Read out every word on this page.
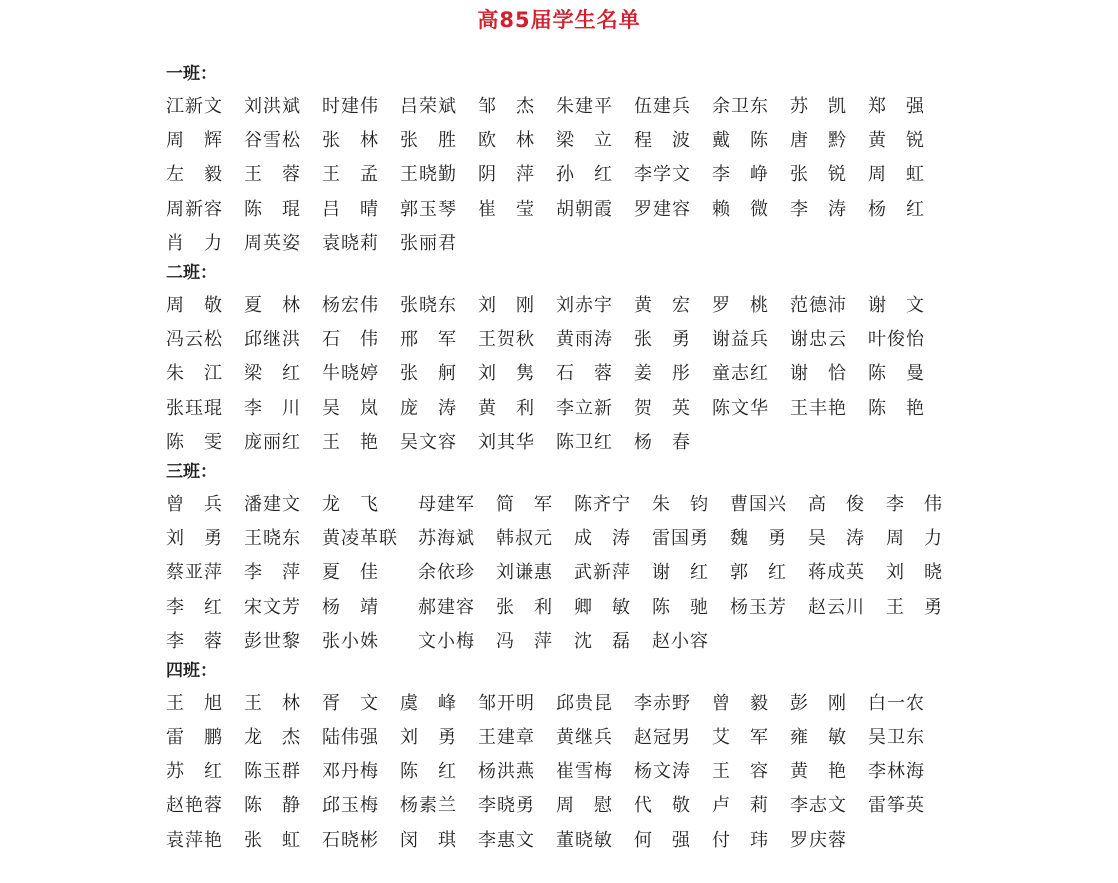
高85届学生名单
一班：
江新文	刘洪斌	时建伟	吕荣斌	邹　杰	朱建平	伍建兵	余卫东	苏　凯	郑　强
周　辉	谷雪松	张　林	张　胜	欧　林	梁　立	程　波	戴　陈	唐　黔	黄　锐
左　毅	王　蓉	王　孟	王晓勤	阴　萍	孙　红	李学文	李　峥	张　锐	周　虹
周新容	陈　琨	吕　晴	郭玉琴	崔　莹	胡朝霞	罗建容	赖　微	李　涛	杨　红
肖　力	周英姿	袁晓莉	张丽君
二班：
周　敬	夏　林	杨宏伟	张晓东	刘　刚	刘赤宇	黄　宏	罗　桃	范德沛	谢　文
冯云松	邱继洪	石　伟	邢　军	王贺秋	黄雨涛	张　勇	谢益兵	谢忠云	叶俊怡
朱　江	梁　红	牛晓婷	张　舸	刘　隽	石　蓉	姜　彤	童志红	谢　恰	陈　曼
张珏琨	李　川	吴　岚	庞　涛	黄　利	李立新	贺　英	陈文华	王丰艳	陈　艳
陈　雯	庞丽红	王　艳	吴文容	刘其华	陈卫红	杨　春
三班：
曾　兵	潘建文	龙　飞	母建军	简　军	陈齐宁	朱　钧	曹国兴	高　俊	李　伟
刘　勇	王晓东	黄凌革联	苏海斌	韩叔元	成　涛	雷国勇	魏　勇	吴　涛	周　力
蔡亚萍	李　萍	夏　佳	余依珍	刘谦惠	武新萍	谢　红	郭　红	蒋成英	刘　晓
李　红	宋文芳	杨　靖	郝建容	张　利	卿　敏	陈　驰	杨玉芳	赵云川	王　勇
李　蓉	彭世黎	张小姝	文小梅	冯　萍	沈　磊	赵小容
四班：
王　旭	王　林	胥　文	虞　峰	邹开明	邱贵昆	李赤野	曾　毅	彭　刚	白一农
雷　鹏	龙　杰	陆伟强	刘　勇	王建章	黄继兵	赵冠男	艾　军	雍　敏	吴卫东
苏　红	陈玉群	邓丹梅	陈　红	杨洪燕	崔雪梅	杨文涛	王　容	黄　艳	李林海
赵艳蓉	陈　静	邱玉梅	杨素兰	李晓勇	周　慰	代　敬	卢　莉	李志文	雷筝英
袁萍艳	张　虹	石晓彬	闵　琪	李惠文	董晓敏	何　强	付　玮	罗庆蓉
